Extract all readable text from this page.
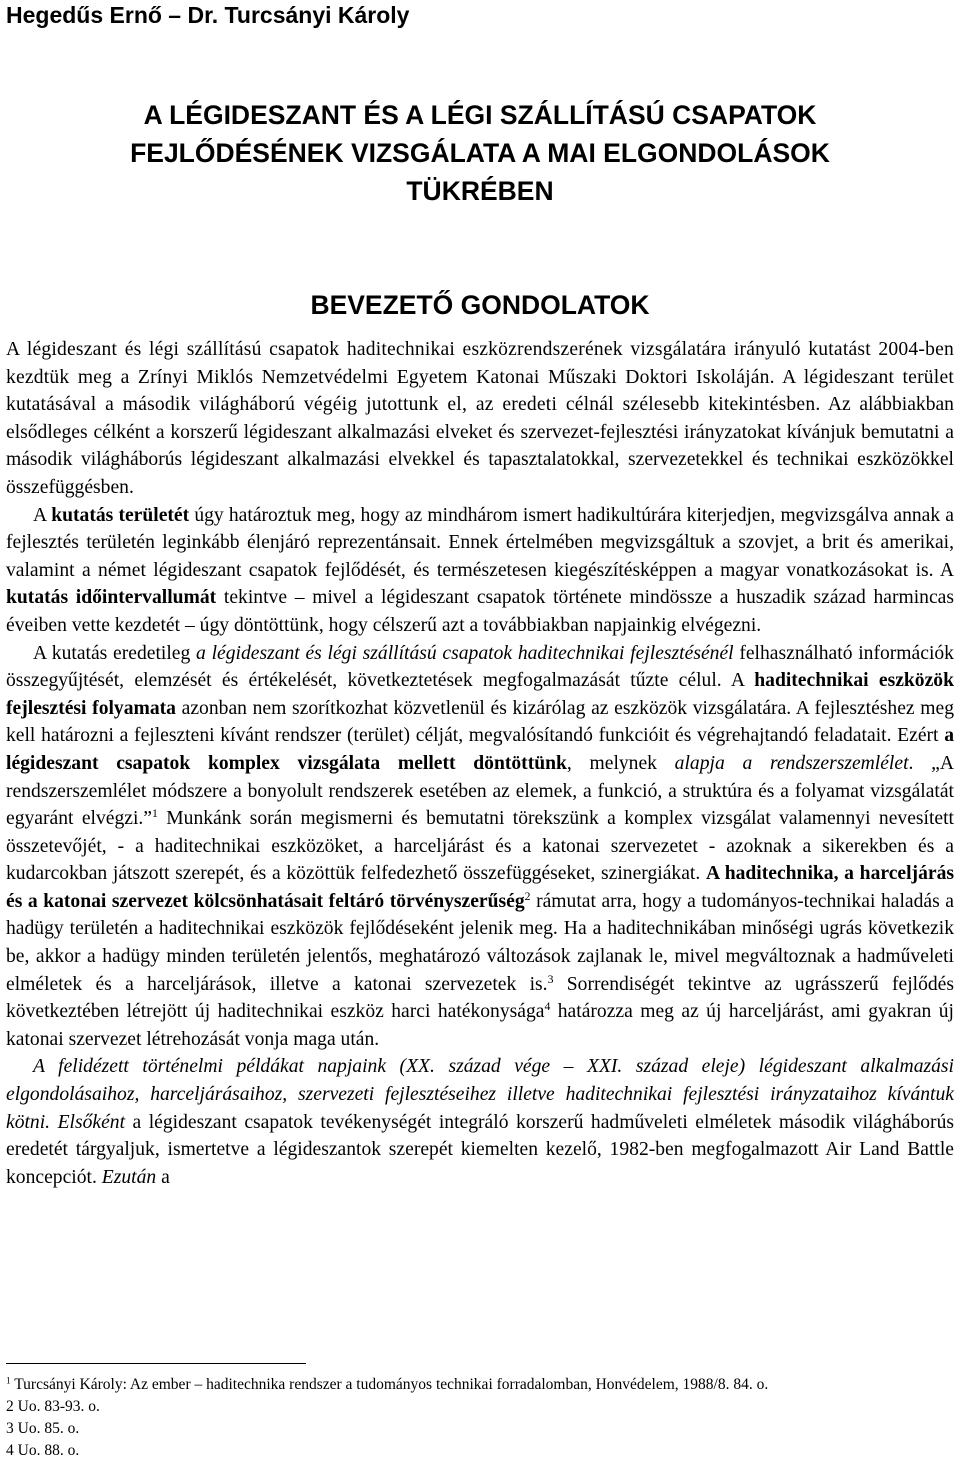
Hegedűs Ernő – Dr. Turcsányi Károly
A LÉGIDESZANT ÉS A LÉGI SZÁLLÍTÁSÚ CSAPATOK
FEJLŐDÉSÉNEK VIZSGÁLATA A MAI ELGONDOLÁSOK
TÜKRÉBEN
BEVEZETŐ GONDOLATOK

A légideszant és légi szállítású csapatok haditechnikai eszközrendszerének vizsgálatára irányuló kutatást 2004-ben kezdtük meg a Zrínyi Miklós Nemzetvédelmi Egyetem Katonai Műszaki Doktori Iskoláján. A légideszant terület kutatásával a második világháború végéig jutottunk el, az eredeti célnál szélesebb kitekintésben. Az alábbiakban elsődleges célként a korszerű légideszant alkalmazási elveket és szervezet-fejlesztési irányzatokat kívánjuk bemutatni a második világháborús légideszant alkalmazási elvekkel és tapasztalatokkal, szervezetekkel és technikai eszközökkel összefüggésben.

A kutatás területét úgy határoztuk meg, hogy az mindhárom ismert hadikultúrára kiterjedjen, megvizsgálva annak a fejlesztés területén leginkább élenjáró reprezentánsait. Ennek értelmében megvizsgáltuk a szovjet, a brit és amerikai, valamint a német légideszant csapatok fejlődését, és természetesen kiegészítésképpen a magyar vonatkozásokat is. A kutatás időintervallumát tekintve – mivel a légideszant csapatok története mindössze a huszadik század harmincas éveiben vette kezdetét – úgy döntöttünk, hogy célszerű azt a továbbiakban napjainkig elvégezni.

A kutatás eredetileg a légideszant és légi szállítású csapatok haditechnikai fejlesztésénél felhasználható információk összegyűjtését, elemzését és értékelését, következtetések megfogalmazását tűzte célul. A haditechnikai eszközök fejlesztési folyamata azonban nem szorítkozhat közvetlenül és kizárólag az eszközök vizsgálatára. A fejlesztéshez meg kell határozni a fejleszteni kívánt rendszer (terület) célját, megvalósítandó funkcióit és végrehajtandó feladatait. Ezért a légideszant csapatok komplex vizsgálata mellett döntöttünk, melynek alapja a rendszerszemlélet. „A rendszerszemlélet módszere a bonyolult rendszerek esetében az elemek, a funkció, a struktúra és a folyamat vizsgálatát egyaránt elvégzi.”$^1$ Munkánk során megismerni és bemutatni törekszünk a komplex vizsgálat valamennyi nevesített összetevőjét, - a haditechnikai eszközöket, a harceljárást és a katonai szervezetet - azoknak a sikerekben és a kudarcokban játszott szerepét, és a közöttük felfedezhető összefüggéseket, szinergiákat. A haditechnika, a harceljárás és a katonai szervezet kölcsönhatásait feltáró törvényszerűség$^2$ rámutat arra, hogy a tudományos-technikai haladás a hadügy területén a haditechnikai eszközök fejlődéseként jelenik meg. Ha a haditechnikában minőségi ugrás következik be, akkor a hadügy minden területén jelentős, meghatározó változások zajlanak le, mivel megváltoznak a hadműveleti elméletek és a harceljárások, illetve a katonai szervezetek is.$^3$ Sorrendiségét tekintve az ugrásszerű fejlődés következtében létrejött új haditechnikai eszköz harci hatékonysága$^4$ határozza meg az új harceljárást, ami gyakran új katonai szervezet létrehozását vonja maga után.

A felidézett történelmi példákat napjaink (XX. század vége – XXI. század eleje) légideszant alkalmazási elgondolásaihoz, harceljárásaihoz, szervezeti fejlesztéseihez illetve haditechnikai fejlesztési irányzataihoz kívántuk kötni. Elsőként a légideszant csapatok tevékenységét integráló korszerű hadműveleti elméletek második világháborús eredetét tárgyaljuk, ismertetve a légideszantok szerepét kiemelten kezelő, 1982-ben megfogalmazott Air Land Battle koncepciót. Ezután a

$^1$ Turcsányi Károly: Az ember – haditechnika rendszer a tudományos technikai forradalomban, Honvédelem, 1988/8. 84. o.
2 Uo. 83-93. o.
3 Uo. 85. o.
4 Uo. 88. o.
